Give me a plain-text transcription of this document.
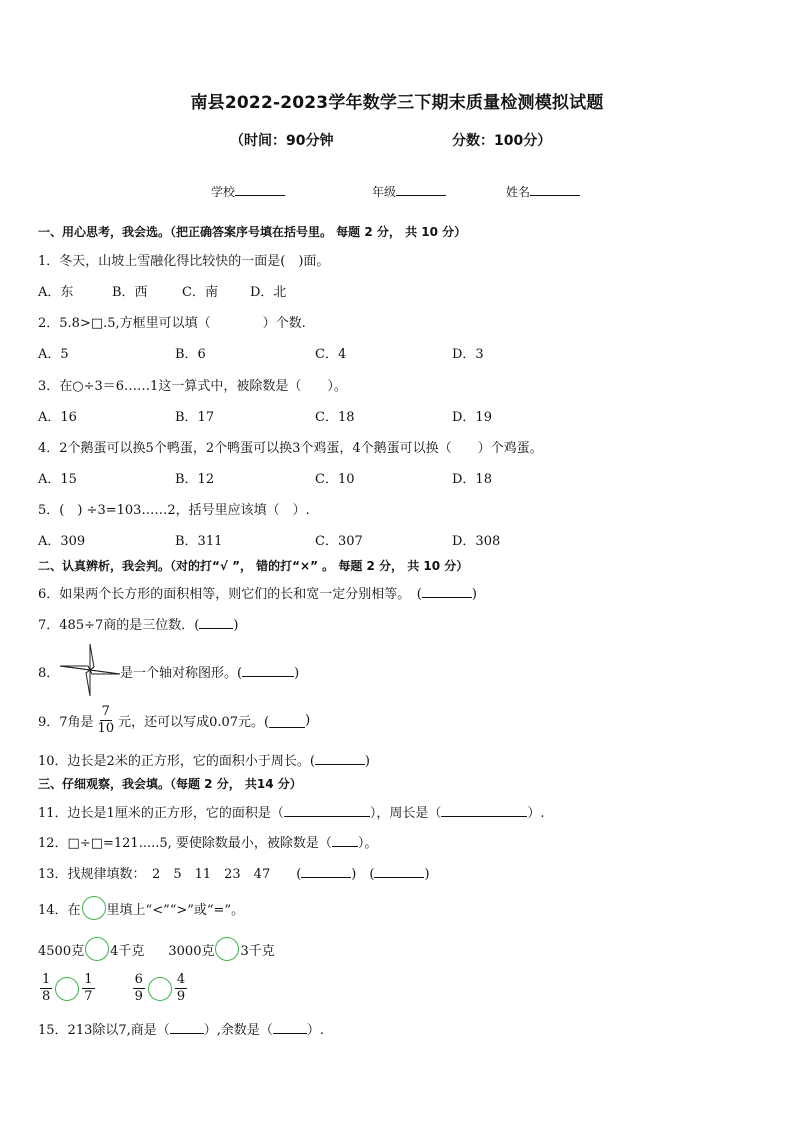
南县2022-2023学年数学三下期末质量检测模拟试题
（时间：90分钟	分数：100分）
学校	年级	姓名
一、用心思考，我会选。（把正确答案序号填在括号里。 每题 2 分， 共 10 分）
1．冬天，山坡上雪融化得比较快的一面是(　)面。
A．东	B．西	C．南 D．北
2．5.8>□.5,方框里可以填（　　　　）个数.
A．5	B．6	C．4	D．3
3．在○÷3＝6……1这一算式中，被除数是（　　）。
A．16	B．17	C．18	D．19
4．2个鹅蛋可以换5个鸭蛋，2个鸭蛋可以换3个鸡蛋，4个鹅蛋可以换（　　）个鸡蛋。
A．15	B．12	C．10	D．18
5．(　) ÷3=103……2，括号里应该填（　）.
A．309	B．311	C．307	D．308
二、认真辨析，我会判。（对的打“√ ”， 错的打“×” 。 每题 2 分， 共 10 分）
6．如果两个长方形的面积相等，则它们的长和宽一定分别相等。　(	)
7．485÷7商的是三位数．(	)
8．	是一个轴对称图形。(	)
9．7角是 $\frac{7}{10}$ 元，还可以写成0.07元。(	)
10．边长是2米的正方形，它的面积小于周长。(	)
三、仔细观察，我会填。（每题 2 分， 共14 分）
11．边长是1厘米的正方形，它的面积是（	），周长是（	）.
12．□÷□=121.....5, 要使除数最小，被除数是（ ）。
13．找规律填数：　2　5　11　23　47　　(	)　(	)
14．在 里填上“<”“>”或“=”。
4500克 4千克 3000克 3千克
$\frac{1}{8} \frac{1}{7}$	$\frac{6}{9} \frac{4}{9}$
15．213除以7,商是（	）,余数是（	）.
